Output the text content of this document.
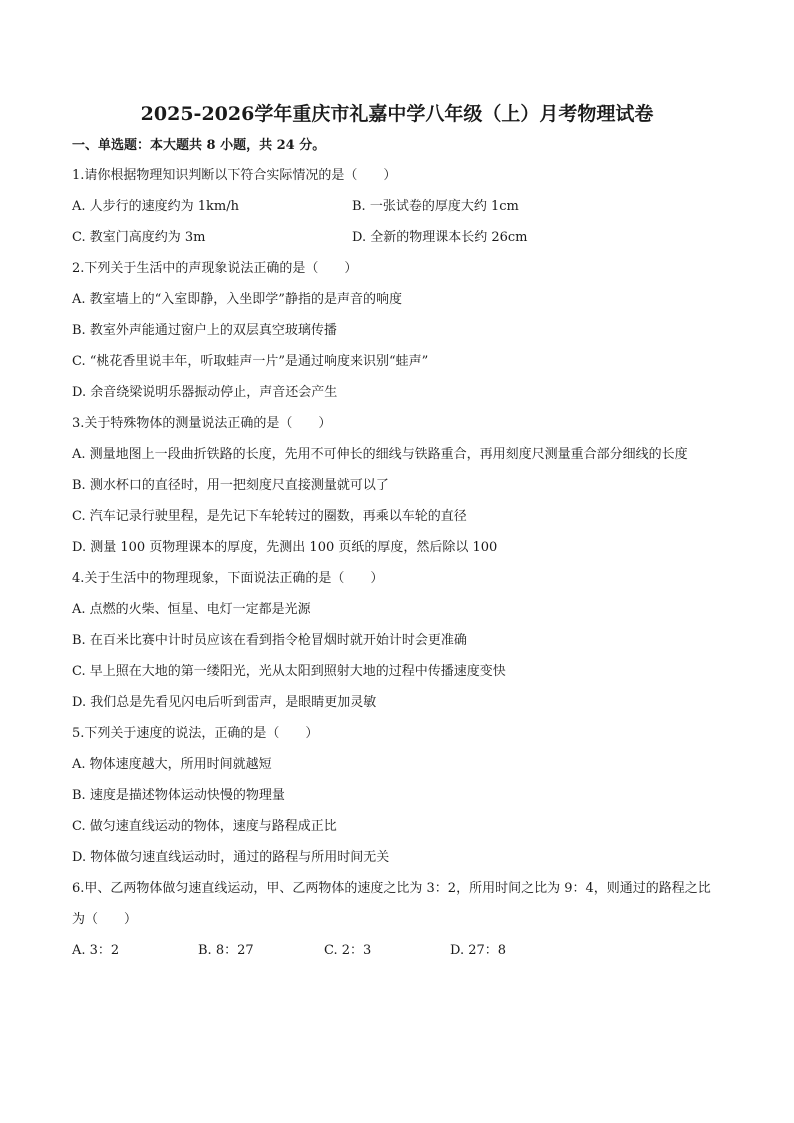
2025-2026学年重庆市礼嘉中学八年级（上）月考物理试卷
一、单选题：本大题共 8 小题，共 24 分。
1.请你根据物理知识判断以下符合实际情况的是（　　）
A. 人步行的速度约为 1km/h	B. 一张试卷的厚度大约 1cm
C. 教室门高度约为 3m	D. 全新的物理课本长约 26cm
2.下列关于生活中的声现象说法正确的是（　　）
A. 教室墙上的“入室即静，入坐即学”静指的是声音的响度
B. 教室外声能通过窗户上的双层真空玻璃传播
C. “桃花香里说丰年，听取蛙声一片”是通过响度来识别“蛙声”
D. 余音绕梁说明乐器振动停止，声音还会产生
3.关于特殊物体的测量说法正确的是（　　）
A. 测量地图上一段曲折铁路的长度，先用不可伸长的细线与铁路重合，再用刻度尺测量重合部分细线的长度
B. 测水杯口的直径时，用一把刻度尺直接测量就可以了
C. 汽车记录行驶里程，是先记下车轮转过的圈数，再乘以车轮的直径
D. 测量 100 页物理课本的厚度，先测出 100 页纸的厚度，然后除以 100
4.关于生活中的物理现象，下面说法正确的是（　　）
A. 点燃的火柴、恒星、电灯一定都是光源
B. 在百米比赛中计时员应该在看到指令枪冒烟时就开始计时会更准确
C. 早上照在大地的第一缕阳光，光从太阳到照射大地的过程中传播速度变快
D. 我们总是先看见闪电后听到雷声，是眼睛更加灵敏
5.下列关于速度的说法，正确的是（　　）
A. 物体速度越大，所用时间就越短
B. 速度是描述物体运动快慢的物理量
C. 做匀速直线运动的物体，速度与路程成正比
D. 物体做匀速直线运动时，通过的路程与所用时间无关
6.甲、乙两物体做匀速直线运动，甲、乙两物体的速度之比为 3：2，所用时间之比为 9：4，则通过的路程之比为（　　）
A. 3：2	B. 8：27	C. 2：3	D. 27：8
